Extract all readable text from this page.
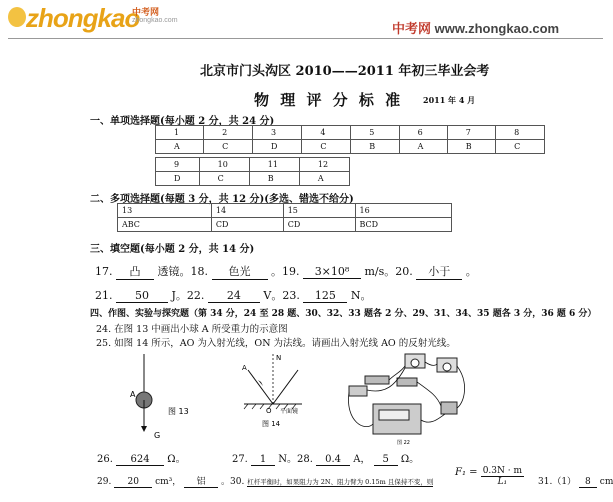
zhongkao
中考网
zhongkao.com
中考网 www.zhongkao.com
北京市门头沟区 2010——2011 年初三毕业会考
物 理 评 分 标 准 2011 年 4 月
一、单项选择题(每小题 2 分，共 24 分)
1	2	3	4	5	6	7	8
A	C	D	C	B	A	B	C
9	10	11	12
D	C	B	A
二、多项选择题(每题 3 分，共 12 分)(多选、错选不给分)
13	14	15	16
ABC	CD	CD	BCD
三、填空题(每小题 2 分，共 14 分)
17. 凸 透镜。18. 色光 。19. 3×10⁸ m/s。20. 小于 。
21. 50 J。22. 24 V。23. 125 N。
四、作图、实验与探究题（第 34 分，24 至 28 题、30、32、33 题各 2 分、29、31、34、35 题各 3 分，36 题 6 分）
24. 在图 13 中画出小球 A 所受重力的示意图
25. 如图 14 所示，AO 为入射光线，ON 为法线。请画出入射光线 AO 的反射光线。
A
图 13
G
N
A
O 平面镜
图 14
图 22
26. 624 Ω。	27. 1 N。28. 0.4 A， 5 Ω。
29. 20 cm³， 铝 。30. 杠杆平衡时，如果阻力为 2N、阻力臂为 0.15m 且保持不变，则
$F_1 = \frac{0.3N \cdot m}{\text{L₁}} 31.(1)$ 8 cm
